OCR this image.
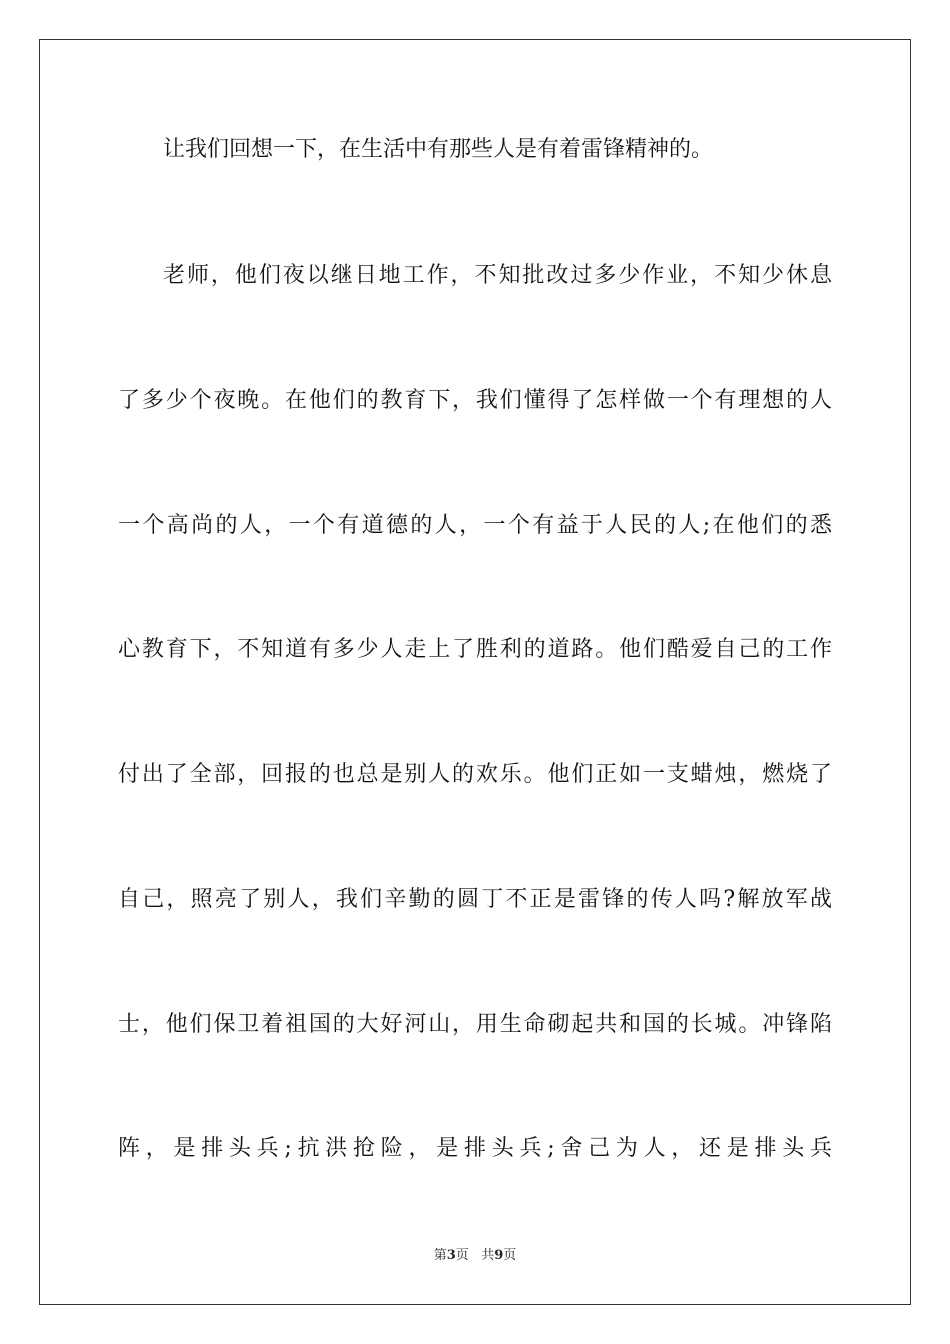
让我们回想一下，在生活中有那些人是有着雷锋精神的。
老师，他们夜以继日地工作，不知批改过多少作业，不知少休息
了多少个夜晚。在他们的教育下，我们懂得了怎样做一个有理想的人
一个高尚的人，一个有道德的人，一个有益于人民的人;在他们的悉
心教育下，不知道有多少人走上了胜利的道路。他们酷爱自己的工作
付出了全部，回报的也总是别人的欢乐。他们正如一支蜡烛，燃烧了
自己，照亮了别人，我们辛勤的圆丁不正是雷锋的传人吗?解放军战
士，他们保卫着祖国的大好河山，用生命砌起共和国的长城。冲锋陷
阵，是排头兵;抗洪抢险，是排头兵;舍己为人，还是排头兵
第3页 共9页
